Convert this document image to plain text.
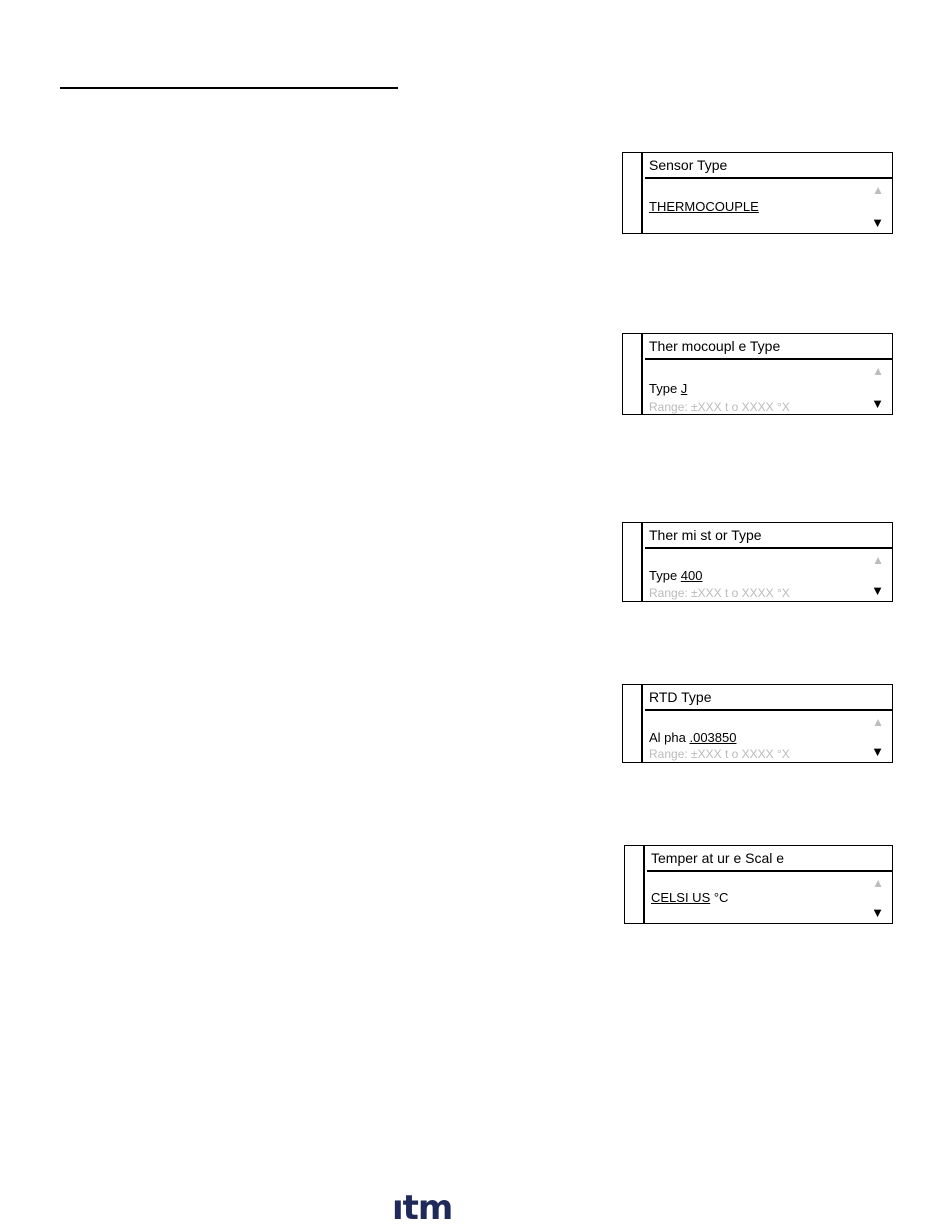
Sensor Type
▲
THERMOCOUPLE
▼
Ther mocoupl e Type
▲
Type J
Range: ±XXX t o XXXX °X	▼
Ther mi st or Type
▲
Type 400
Range: ±XXX t o XXXX °X	▼
RTD Type
▲
Al pha .003850
Range: ±XXX t o XXXX °X	▼
Temper at ur e Scal e
▲
CELSI US °C
▼
ıtm
